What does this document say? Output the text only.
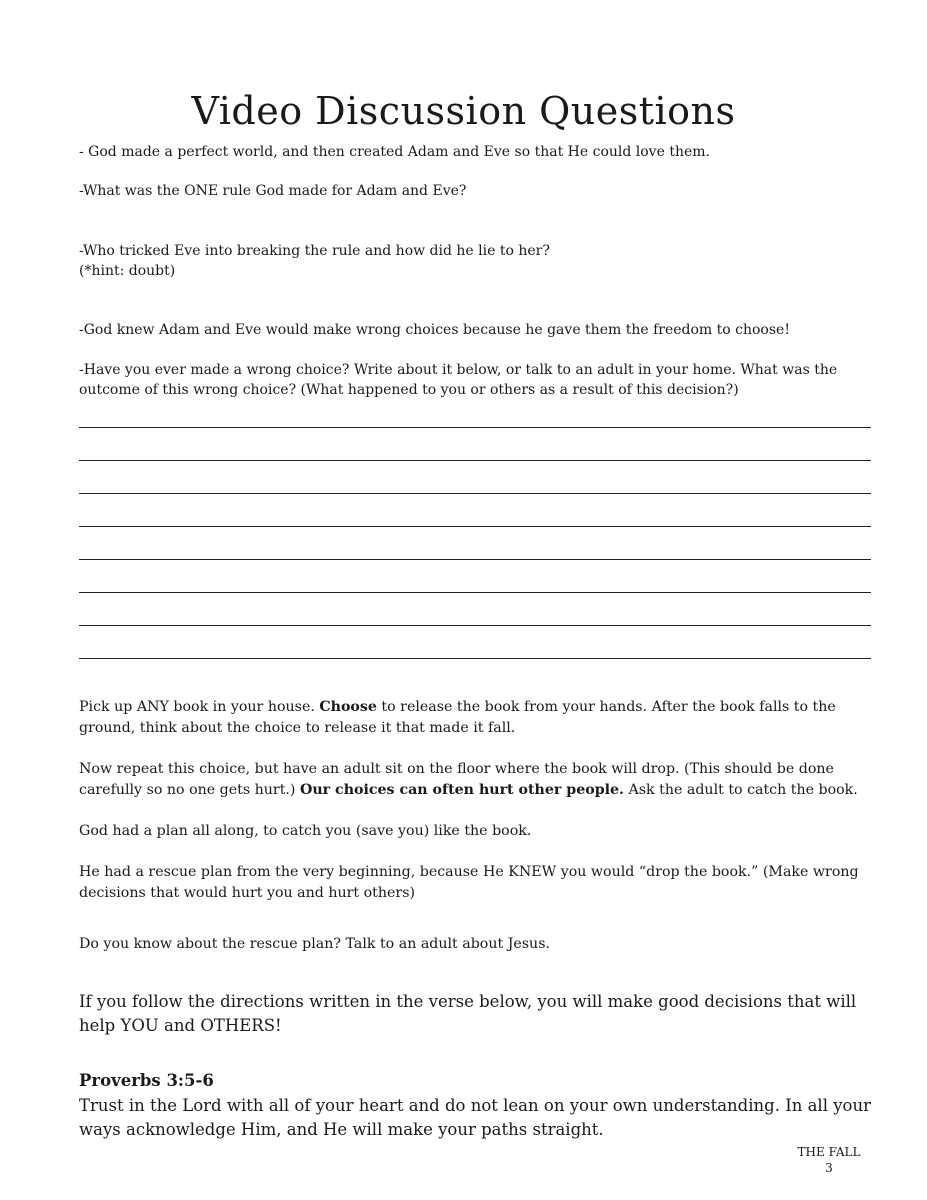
Video Discussion Questions

- God made a perfect world, and then created Adam and Eve so that He could love them.

-What was the ONE rule God made for Adam and Eve?

-Who tricked Eve into breaking the rule and how did he lie to her?

(*hint: doubt)

-God knew Adam and Eve would make wrong choices because he gave them the freedom to choose!

-Have you ever made a wrong choice? Write about it below, or talk to an adult in your home. What was the

outcome of this wrong choice? (What happened to you or others as a result of this decision?)

Pick up ANY book in your house. Choose to release the book from your hands. After the book falls to the
ground, think about the choice to release it that made it fall.

Now repeat this choice, but have an adult sit on the floor where the book will drop. (This should be done
carefully so no one gets hurt.) Our choices can often hurt other people. Ask the adult to catch the book.

God had a plan all along, to catch you (save you) like the book.

He had a rescue plan from the very beginning, because He KNEW you would “drop the book.” (Make wrong
decisions that would hurt you and hurt others)

Do you know about the rescue plan? Talk to an adult about Jesus.

If you follow the directions written in the verse below, you will make good decisions that will
help YOU and OTHERS!

Proverbs 3:5-6

Trust in the Lord with all of your heart and do not lean on your own understanding. In all your
ways acknowledge Him, and He will make your paths straight.

THE FALL
3
